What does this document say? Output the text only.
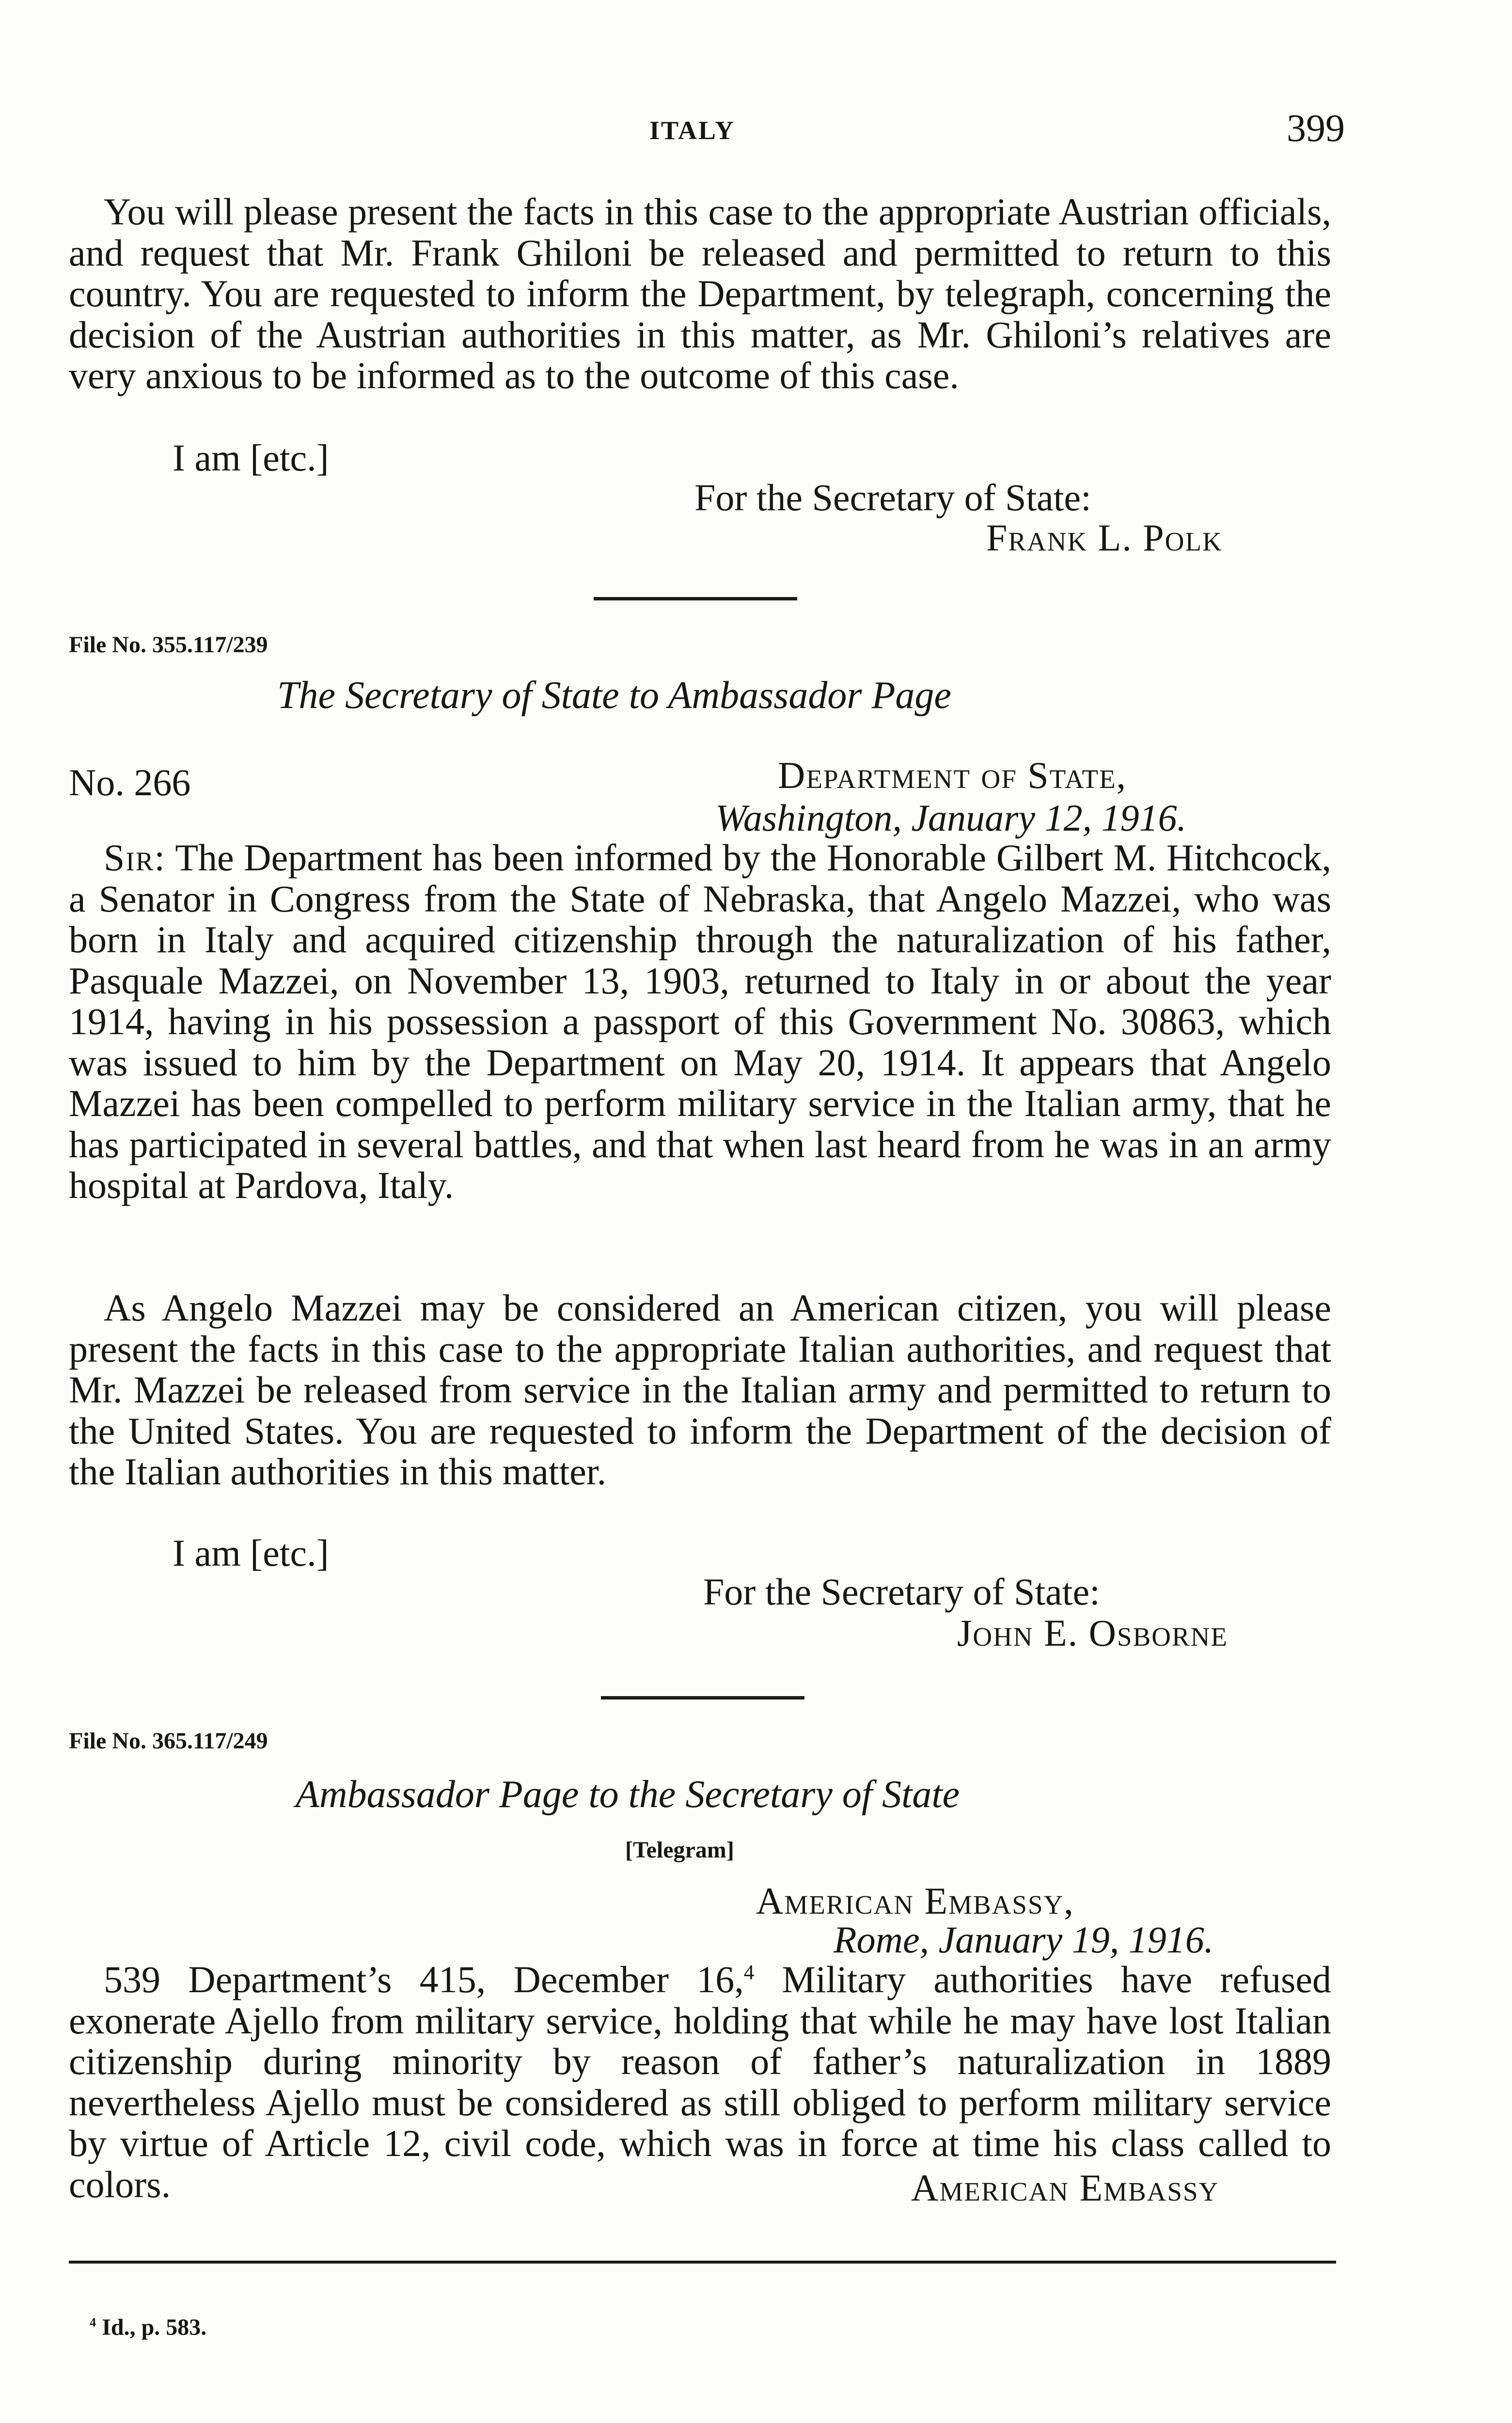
ITALY	399

You will please present the facts in this case to the appropriate Austrian officials, and request that Mr. Frank Ghiloni be released and permitted to return to this country. You are requested to inform the Department, by telegraph, concerning the decision of the Austrian authorities in this matter, as Mr. Ghiloni’s relatives are very anxious to be informed as to the outcome of this case.

I am [etc.]
For the Secretary of State:
Frank L. Polk
File No. 355.117/239
The Secretary of State to Ambassador Page
No. 266	Department of State,
Washington, January 12, 1916.

Sir: The Department has been informed by the Honorable Gilbert M. Hitchcock, a Senator in Congress from the State of Nebraska, that Angelo Mazzei, who was born in Italy and acquired citizenship through the naturalization of his father, Pasquale Mazzei, on November 13, 1903, returned to Italy in or about the year 1914, having in his possession a passport of this Government No. 30863, which was issued to him by the Department on May 20, 1914. It appears that Angelo Mazzei has been compelled to perform military service in the Italian army, that he has participated in several battles, and that when last heard from he was in an army hospital at Pardova, Italy.

As Angelo Mazzei may be considered an American citizen, you will please present the facts in this case to the appropriate Italian authorities, and request that Mr. Mazzei be released from service in the Italian army and permitted to return to the United States. You are requested to inform the Department of the decision of the Italian authorities in this matter.

I am [etc.]
For the Secretary of State:
John E. Osborne
File No. 365.117/249
Ambassador Page to the Secretary of State
[Telegram]
American Embassy,
Rome, January 19, 1916.

539 Department’s 415, December 16,$^4$ Military authorities have refused exonerate Ajello from military service, holding that while he may have lost Italian citizenship during minority by reason of father’s naturalization in 1889 nevertheless Ajello must be considered as still obliged to perform military service by virtue of Article 12, civil code, which was in force at time his class called to colors.	American Embassy
$^4$ Id., p. 583.
